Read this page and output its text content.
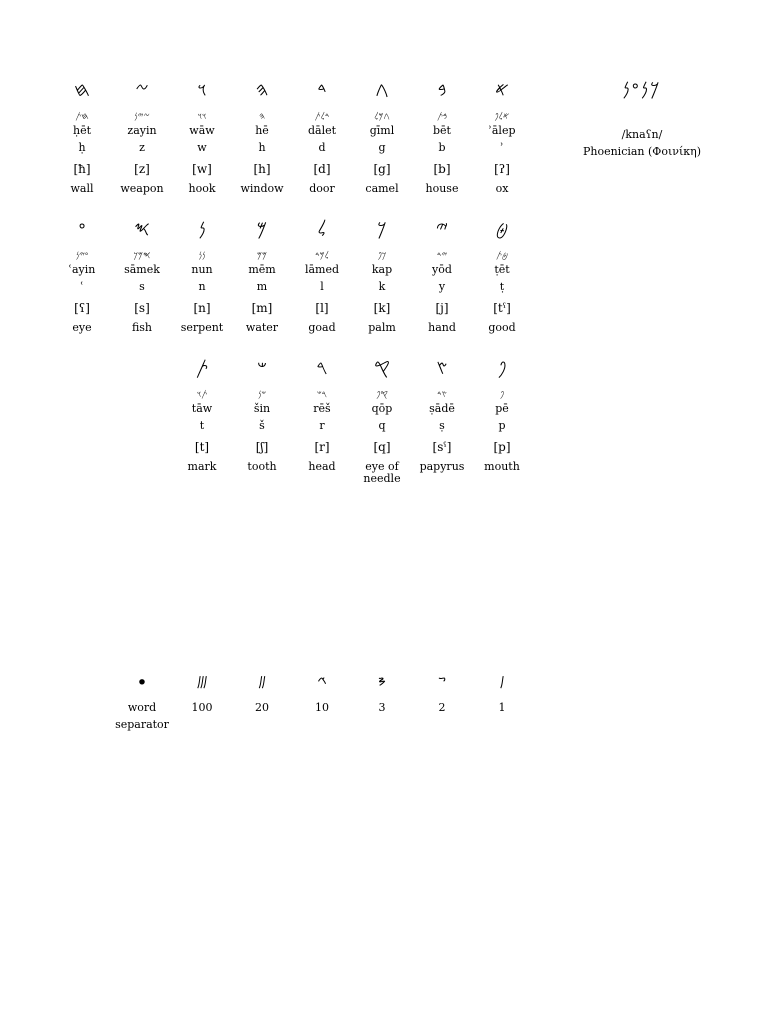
𐤊𐤍𐤏𐤍
/knaʕn/
Phoenician (Φοινίκη)
𐤇
𐤇𐤕
ḥēt
ḥ
[ħ]
wall
𐤆
𐤆𐤉𐤍
zayin
z
[z]
weapon
𐤅
𐤅𐤅
wāw
w
[w]
hook
𐤄
𐤄
hē
h
[h]
window
𐤃
𐤃𐤋𐤕
dālet
d
[d]
door
𐤂
𐤂𐤌𐤋
gīml
g
[g]
camel
𐤁
𐤁𐤕
bēt
b
[b]
house
𐤀
𐤀𐤋𐤐
ʾālep
ʾ
[ʔ]
ox
𐤏
𐤏𐤉𐤍
ʿayin
ʿ
[ʕ]
eye
𐤎
𐤎𐤌𐤊
sāmek
s
[s]
fish
𐤍
𐤍𐤍
nun
n
[n]
serpent
𐤌
𐤌𐤌
mēm
m
[m]
water
𐤋
𐤋𐤌𐤃
lāmed
l
[l]
goad
𐤊
𐤊𐤐
kap
k
[k]
palm
𐤉
𐤉𐤃
yōd
y
[j]
hand
𐤈
𐤈𐤕
ṭēt
ṭ
[tˁ]
good
𐤕
𐤕𐤅
tāw
t
[t]
mark
𐤔
𐤔𐤍
šin
š
[ʃ]
tooth
𐤓
𐤓𐤔
rēš
r
[r]
head
𐤒
𐤒𐤐
qōp
q
[q]
eye of needle
𐤑
𐤑𐤃
ṣādē
ṣ
[sˁ]
papyrus
𐤐
𐤐
pē
p
[p]
mouth
•
word separator
𐤛
100
𐤚
20
𐤙
10
𐤘
3
𐤗
2
𐤖
1
